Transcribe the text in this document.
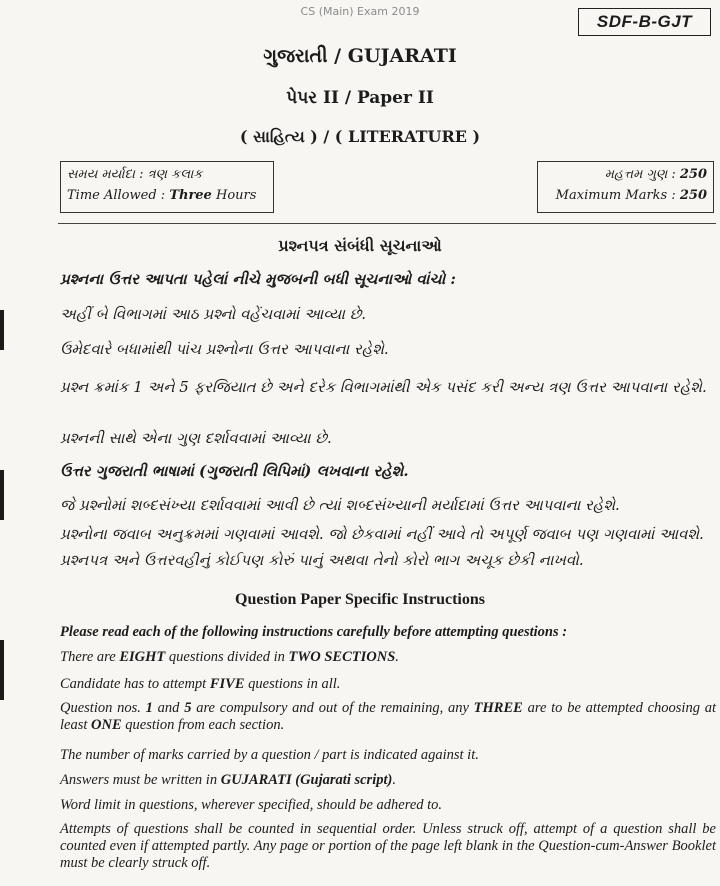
CS (Main) Exam 2019
SDF-B-GJT
ગુજરાતી / GUJARATI
પેપર II / Paper II
( સાહિત્ય ) / ( LITERATURE )
સમય મર્યાદા : ત્રણ કલાક
Time Allowed : Three Hours
મહત્તમ ગુણ : 250
Maximum Marks : 250
પ્રશ્નપત્ર સંબંધી સૂચનાઓ
પ્રશ્નના ઉત્તર આપતા પહેલાં નીચે મુજબની બધી સૂચનાઓ વાંચો :
અહીં બે વિભાગમાં આઠ પ્રશ્નો વહેંચવામાં આવ્યા છે.
ઉમેદવારે બધામાંથી પાંચ પ્રશ્નોના ઉત્તર આપવાના રહેશે.
પ્રશ્ન ક્રમાંક 1 અને 5 ફરજિયાત છે અને દરેક વિભાગમાંથી એક પસંદ કરી અન્ય ત્રણ ઉત્તર આપવાના રહેશે.
પ્રશ્નની સાથે એના ગુણ દર્શાવવામાં આવ્યા છે.
ઉત્તર ગુજરાતી ભાષામાં (ગુજરાતી લિપિમાં) લખવાના રહેશે.
જે પ્રશ્નોમાં શબ્દસંખ્યા દર્શાવવામાં આવી છે ત્યાં શબ્દસંખ્યાની મર્યાદામાં ઉત્તર આપવાના રહેશે.
પ્રશ્નોના જવાબ અનુક્રમમાં ગણવામાં આવશે. જો છેકવામાં નહીં આવે તો અપૂર્ણ જવાબ પણ ગણવામાં આવશે. પ્રશ્નપત્ર અને ઉત્તરવહીનું કોઈપણ કોરું પાનું અથવા તેનો કોરો ભાગ અચૂક છેકી નાખવો.
Question Paper Specific Instructions
Please read each of the following instructions carefully before attempting questions :
There are EIGHT questions divided in TWO SECTIONS.
Candidate has to attempt FIVE questions in all.
Question nos. 1 and 5 are compulsory and out of the remaining, any THREE are to be attempted choosing at least ONE question from each section.
The number of marks carried by a question / part is indicated against it.
Answers must be written in GUJARATI (Gujarati script).
Word limit in questions, wherever specified, should be adhered to.
Attempts of questions shall be counted in sequential order. Unless struck off, attempt of a question shall be counted even if attempted partly. Any page or portion of the page left blank in the Question-cum-Answer Booklet must be clearly struck off.
